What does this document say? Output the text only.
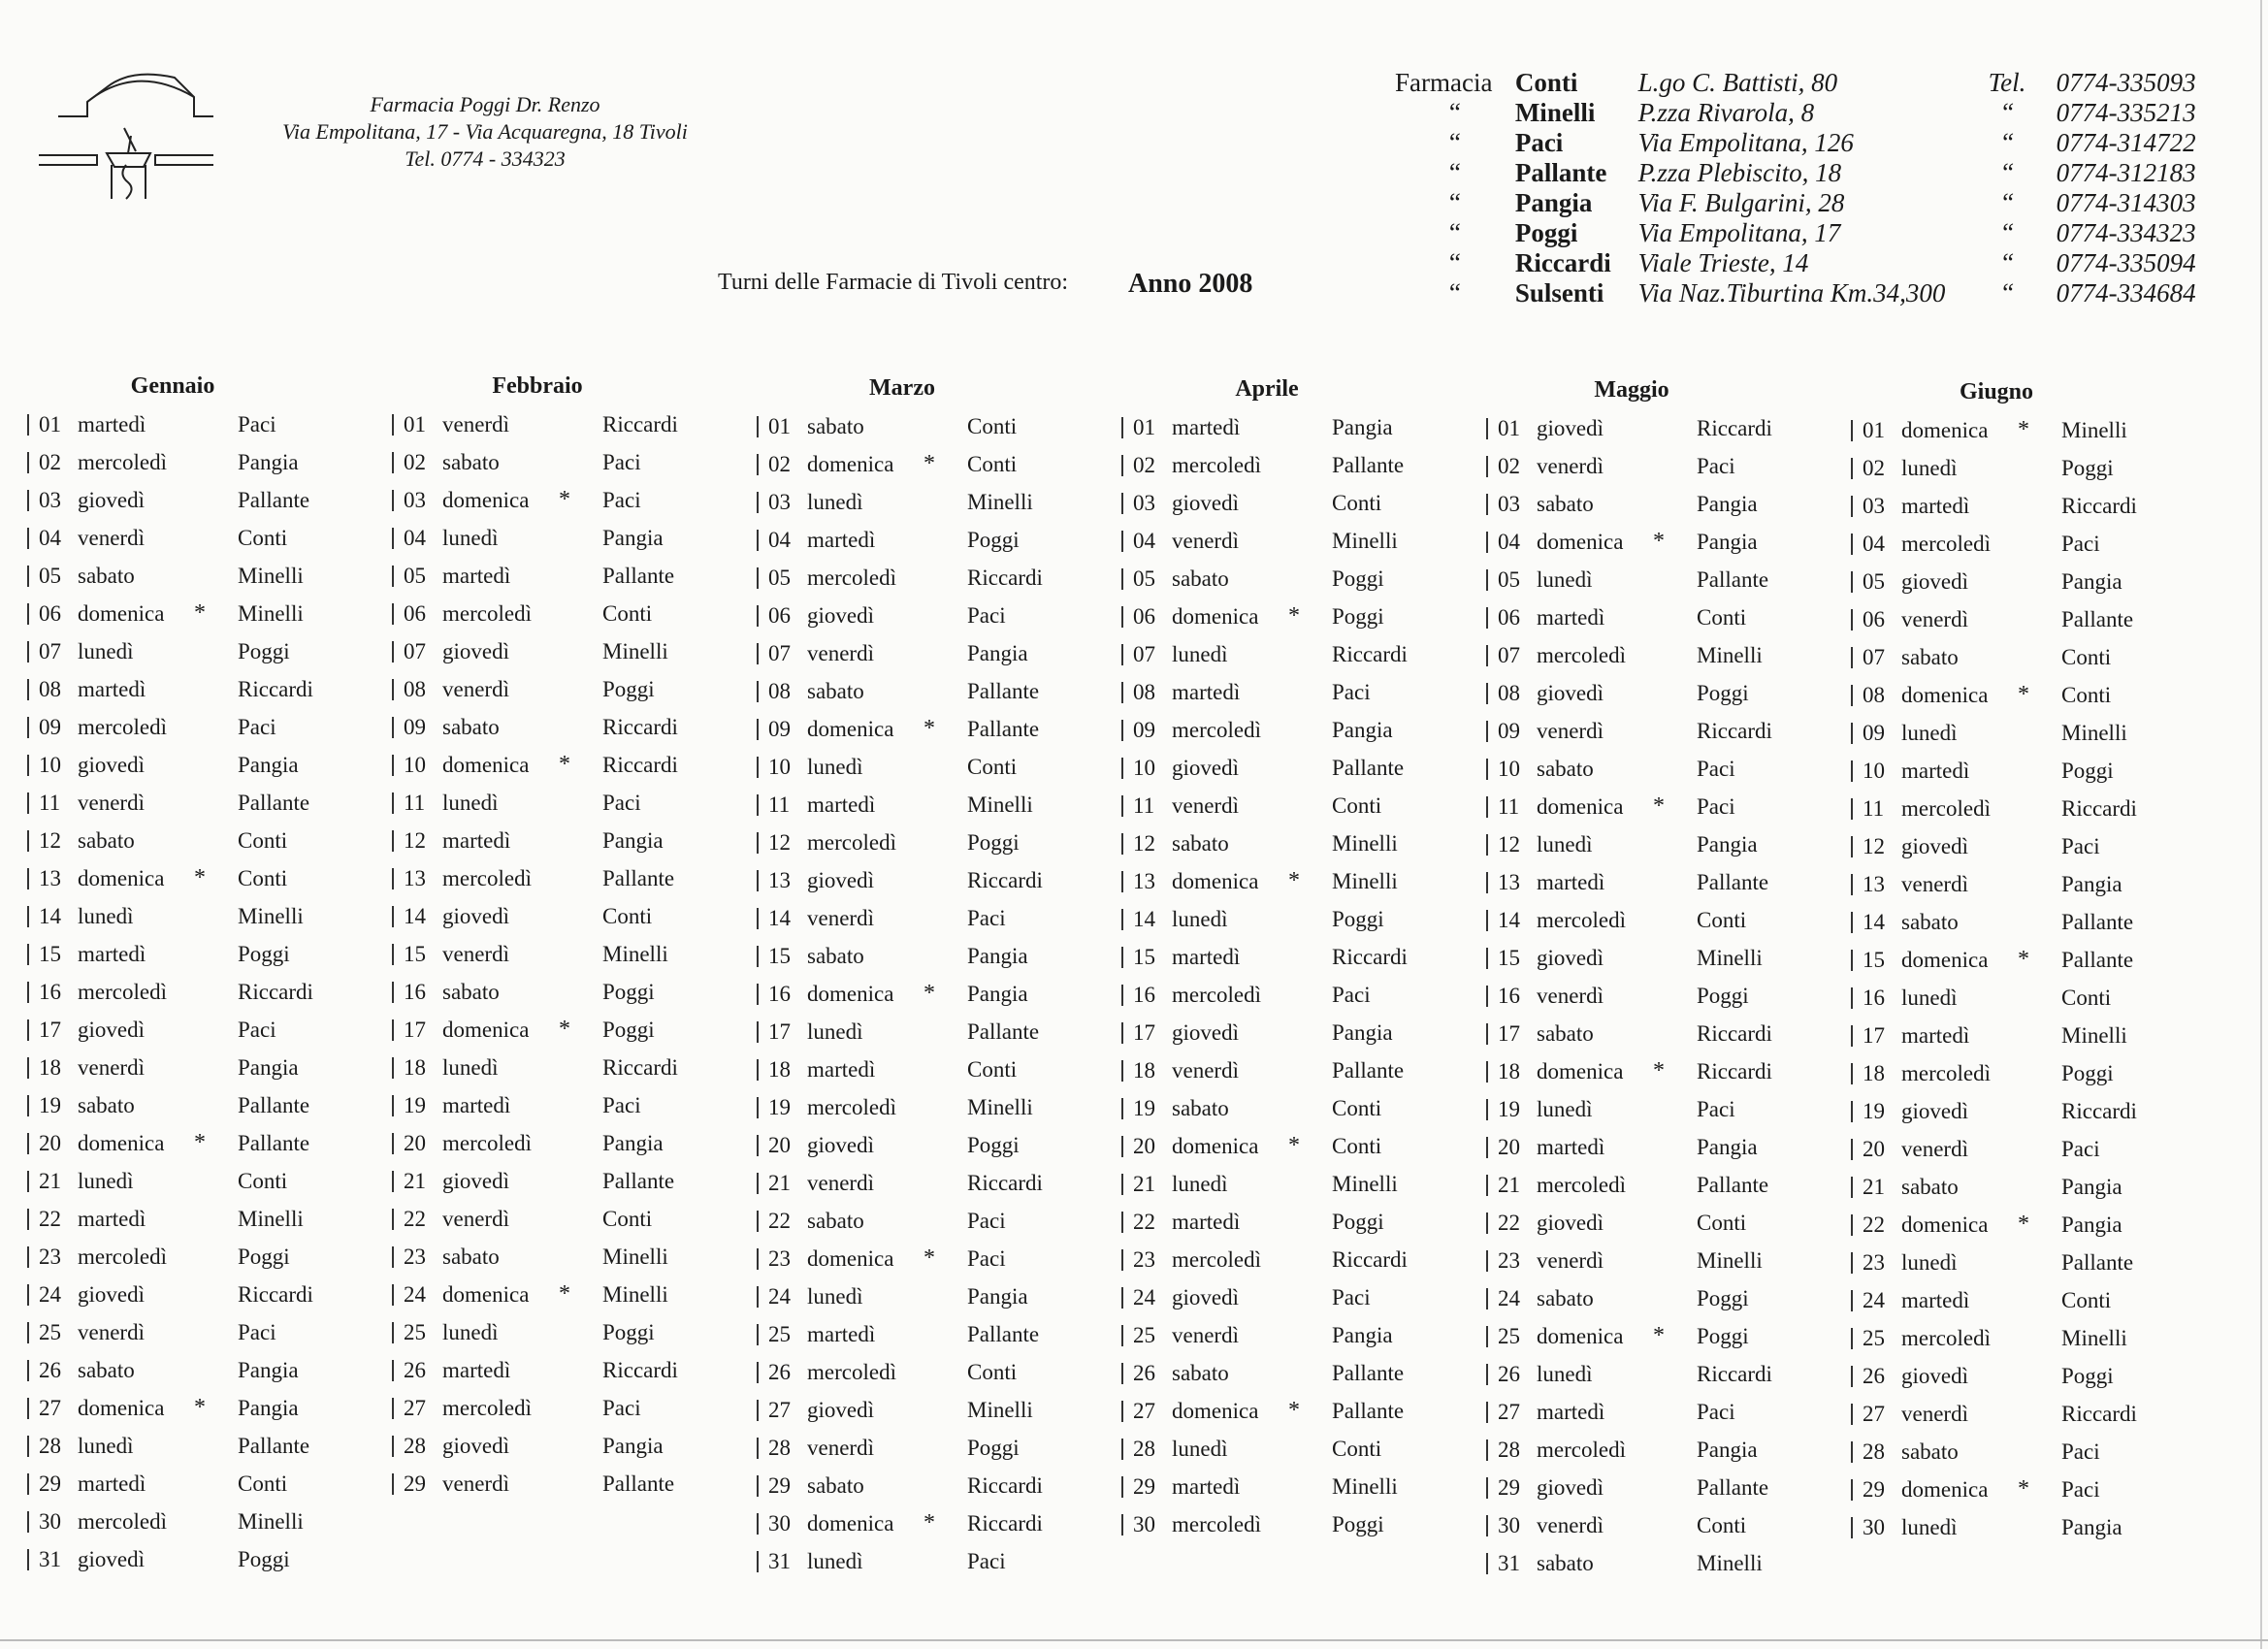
Farmacia Poggi Dr. Renzo
Via Empolitana, 17 - Via Acquaregna, 18 Tivoli
Tel. 0774 - 334323
Turni delle Farmacie di Tivoli centro: Anno 2008
Farmacia Conti	L.go C. Battisti, 80	Tel.	0774-335093
“	Minelli	P.zza Rivarola, 8	“	0774-335213
“	Paci	Via Empolitana, 126	“	0774-314722
“	Pallante	P.zza Plebiscito, 18	“	0774-312183
“	Pangia	Via F. Bulgarini, 28	“	0774-314303
“	Poggi	Via Empolitana, 17	“	0774-334323
“	Riccardi	Viale Trieste, 14	“	0774-335094
“	Sulsenti	Via Naz.Tiburtina Km.34,300	“	0774-334684
Gennaio
01 martedì	Paci
02 mercoledì	Pangia
03 giovedì	Pallante
04 venerdì	Conti
05 sabato	Minelli
06 domenica * Minelli
07 lunedì	Poggi
08 martedì	Riccardi
09 mercoledì	Paci
10 giovedì	Pangia
11 venerdì	Pallante
12 sabato	Conti
13 domenica * Conti
14 lunedì	Minelli
15 martedì	Poggi
16 mercoledì	Riccardi
17 giovedì	Paci
18 venerdì	Pangia
19 sabato	Pallante
20 domenica * Pallante
21 lunedì	Conti
22 martedì	Minelli
23 mercoledì	Poggi
24 giovedì	Riccardi
25 venerdì	Paci
26 sabato	Pangia
27 domenica * Pangia
28 lunedì	Pallante
29 martedì	Conti
30 mercoledì	Minelli
31 giovedì	Poggi
Febbraio
01 venerdì	Riccardi
02 sabato	Paci
03 domenica * Paci
04 lunedì	Pangia
05 martedì	Pallante
06 mercoledì	Conti
07 giovedì	Minelli
08 venerdì	Poggi
09 sabato	Riccardi
10 domenica * Riccardi
11 lunedì	Paci
12 martedì	Pangia
13 mercoledì	Pallante
14 giovedì	Conti
15 venerdì	Minelli
16 sabato	Poggi
17 domenica * Poggi
18 lunedì	Riccardi
19 martedì	Paci
20 mercoledì	Pangia
21 giovedì	Pallante
22 venerdì	Conti
23 sabato	Minelli
24 domenica * Minelli
25 lunedì	Poggi
26 martedì	Riccardi
27 mercoledì	Paci
28 giovedì	Pangia
29 venerdì	Pallante
Marzo
01 sabato	Conti
02 domenica * Conti
03 lunedì	Minelli
04 martedì	Poggi
05 mercoledì	Riccardi
06 giovedì	Paci
07 venerdì	Pangia
08 sabato	Pallante
09 domenica * Pallante
10 lunedì	Conti
11 martedì	Minelli
12 mercoledì	Poggi
13 giovedì	Riccardi
14 venerdì	Paci
15 sabato	Pangia
16 domenica * Pangia
17 lunedì	Pallante
18 martedì	Conti
19 mercoledì	Minelli
20 giovedì	Poggi
21 venerdì	Riccardi
22 sabato	Paci
23 domenica * Paci
24 lunedì	Pangia
25 martedì	Pallante
26 mercoledì	Conti
27 giovedì	Minelli
28 venerdì	Poggi
29 sabato	Riccardi
30 domenica * Riccardi
31 lunedì	Paci
Aprile
01 martedì	Pangia
02 mercoledì	Pallante
03 giovedì	Conti
04 venerdì	Minelli
05 sabato	Poggi
06 domenica * Poggi
07 lunedì	Riccardi
08 martedì	Paci
09 mercoledì	Pangia
10 giovedì	Pallante
11 venerdì	Conti
12 sabato	Minelli
13 domenica * Minelli
14 lunedì	Poggi
15 martedì	Riccardi
16 mercoledì	Paci
17 giovedì	Pangia
18 venerdì	Pallante
19 sabato	Conti
20 domenica * Conti
21 lunedì	Minelli
22 martedì	Poggi
23 mercoledì	Riccardi
24 giovedì	Paci
25 venerdì	Pangia
26 sabato	Pallante
27 domenica * Pallante
28 lunedì	Conti
29 martedì	Minelli
30 mercoledì	Poggi
Maggio
01 giovedì	Riccardi
02 venerdì	Paci
03 sabato	Pangia
04 domenica * Pangia
05 lunedì	Pallante
06 martedì	Conti
07 mercoledì	Minelli
08 giovedì	Poggi
09 venerdì	Riccardi
10 sabato	Paci
11 domenica * Paci
12 lunedì	Pangia
13 martedì	Pallante
14 mercoledì	Conti
15 giovedì	Minelli
16 venerdì	Poggi
17 sabato	Riccardi
18 domenica * Riccardi
19 lunedì	Paci
20 martedì	Pangia
21 mercoledì	Pallante
22 giovedì	Conti
23 venerdì	Minelli
24 sabato	Poggi
25 domenica * Poggi
26 lunedì	Riccardi
27 martedì	Paci
28 mercoledì	Pangia
29 giovedì	Pallante
30 venerdì	Conti
31 sabato	Minelli
Giugno
01 domenica * Minelli
02 lunedì	Poggi
03 martedì	Riccardi
04 mercoledì	Paci
05 giovedì	Pangia
06 venerdì	Pallante
07 sabato	Conti
08 domenica * Conti
09 lunedì	Minelli
10 martedì	Poggi
11 mercoledì	Riccardi
12 giovedì	Paci
13 venerdì	Pangia
14 sabato	Pallante
15 domenica * Pallante
16 lunedì	Conti
17 martedì	Minelli
18 mercoledì	Poggi
19 giovedì	Riccardi
20 venerdì	Paci
21 sabato	Pangia
22 domenica * Pangia
23 lunedì	Pallante
24 martedì	Conti
25 mercoledì	Minelli
26 giovedì	Poggi
27 venerdì	Riccardi
28 sabato	Paci
29 domenica * Paci
30 lunedì	Pangia
